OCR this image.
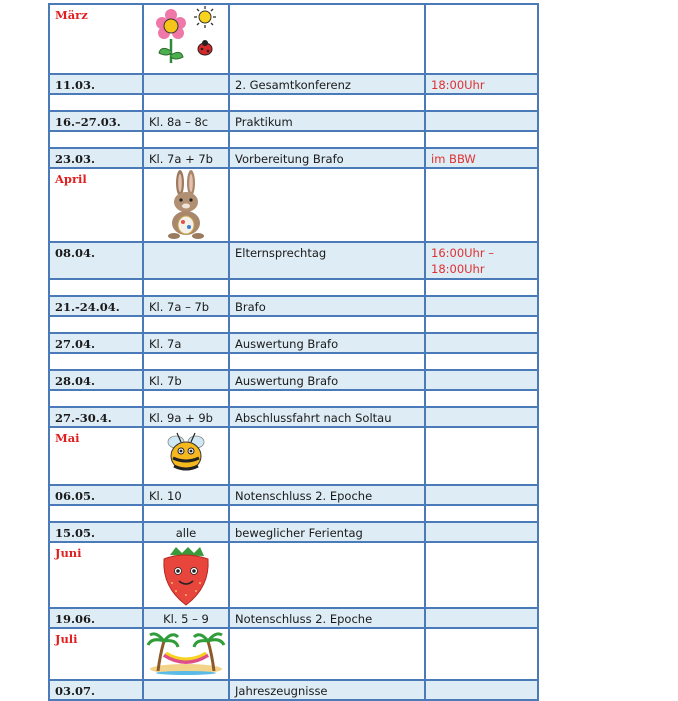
März	

11.03.		2. Gesamtkonferenz	18:00Uhr

16.–27.03.	Kl. 8a – 8c	Praktikum	

23.03.	Kl. 7a + 7b	Vorbereitung Brafo	im BBW
April	

08.04.		Elternsprechtag	16:00Uhr – 18:00Uhr

21.-24.04.	Kl. 7a – 7b	Brafo	

27.04.	Kl. 7a	Auswertung Brafo	

28.04.	Kl. 7b	Auswertung Brafo	

27.-30.4.	Kl. 9a + 9b	Abschlussfahrt nach Soltau	
Mai	

06.05.	Kl. 10	Notenschluss 2. Epoche	

15.05.	alle	beweglicher Ferientag	
Juni	

19.06.	Kl. 5 – 9	Notenschluss 2. Epoche	
Juli	

03.07.		Jahreszeugnisse	
